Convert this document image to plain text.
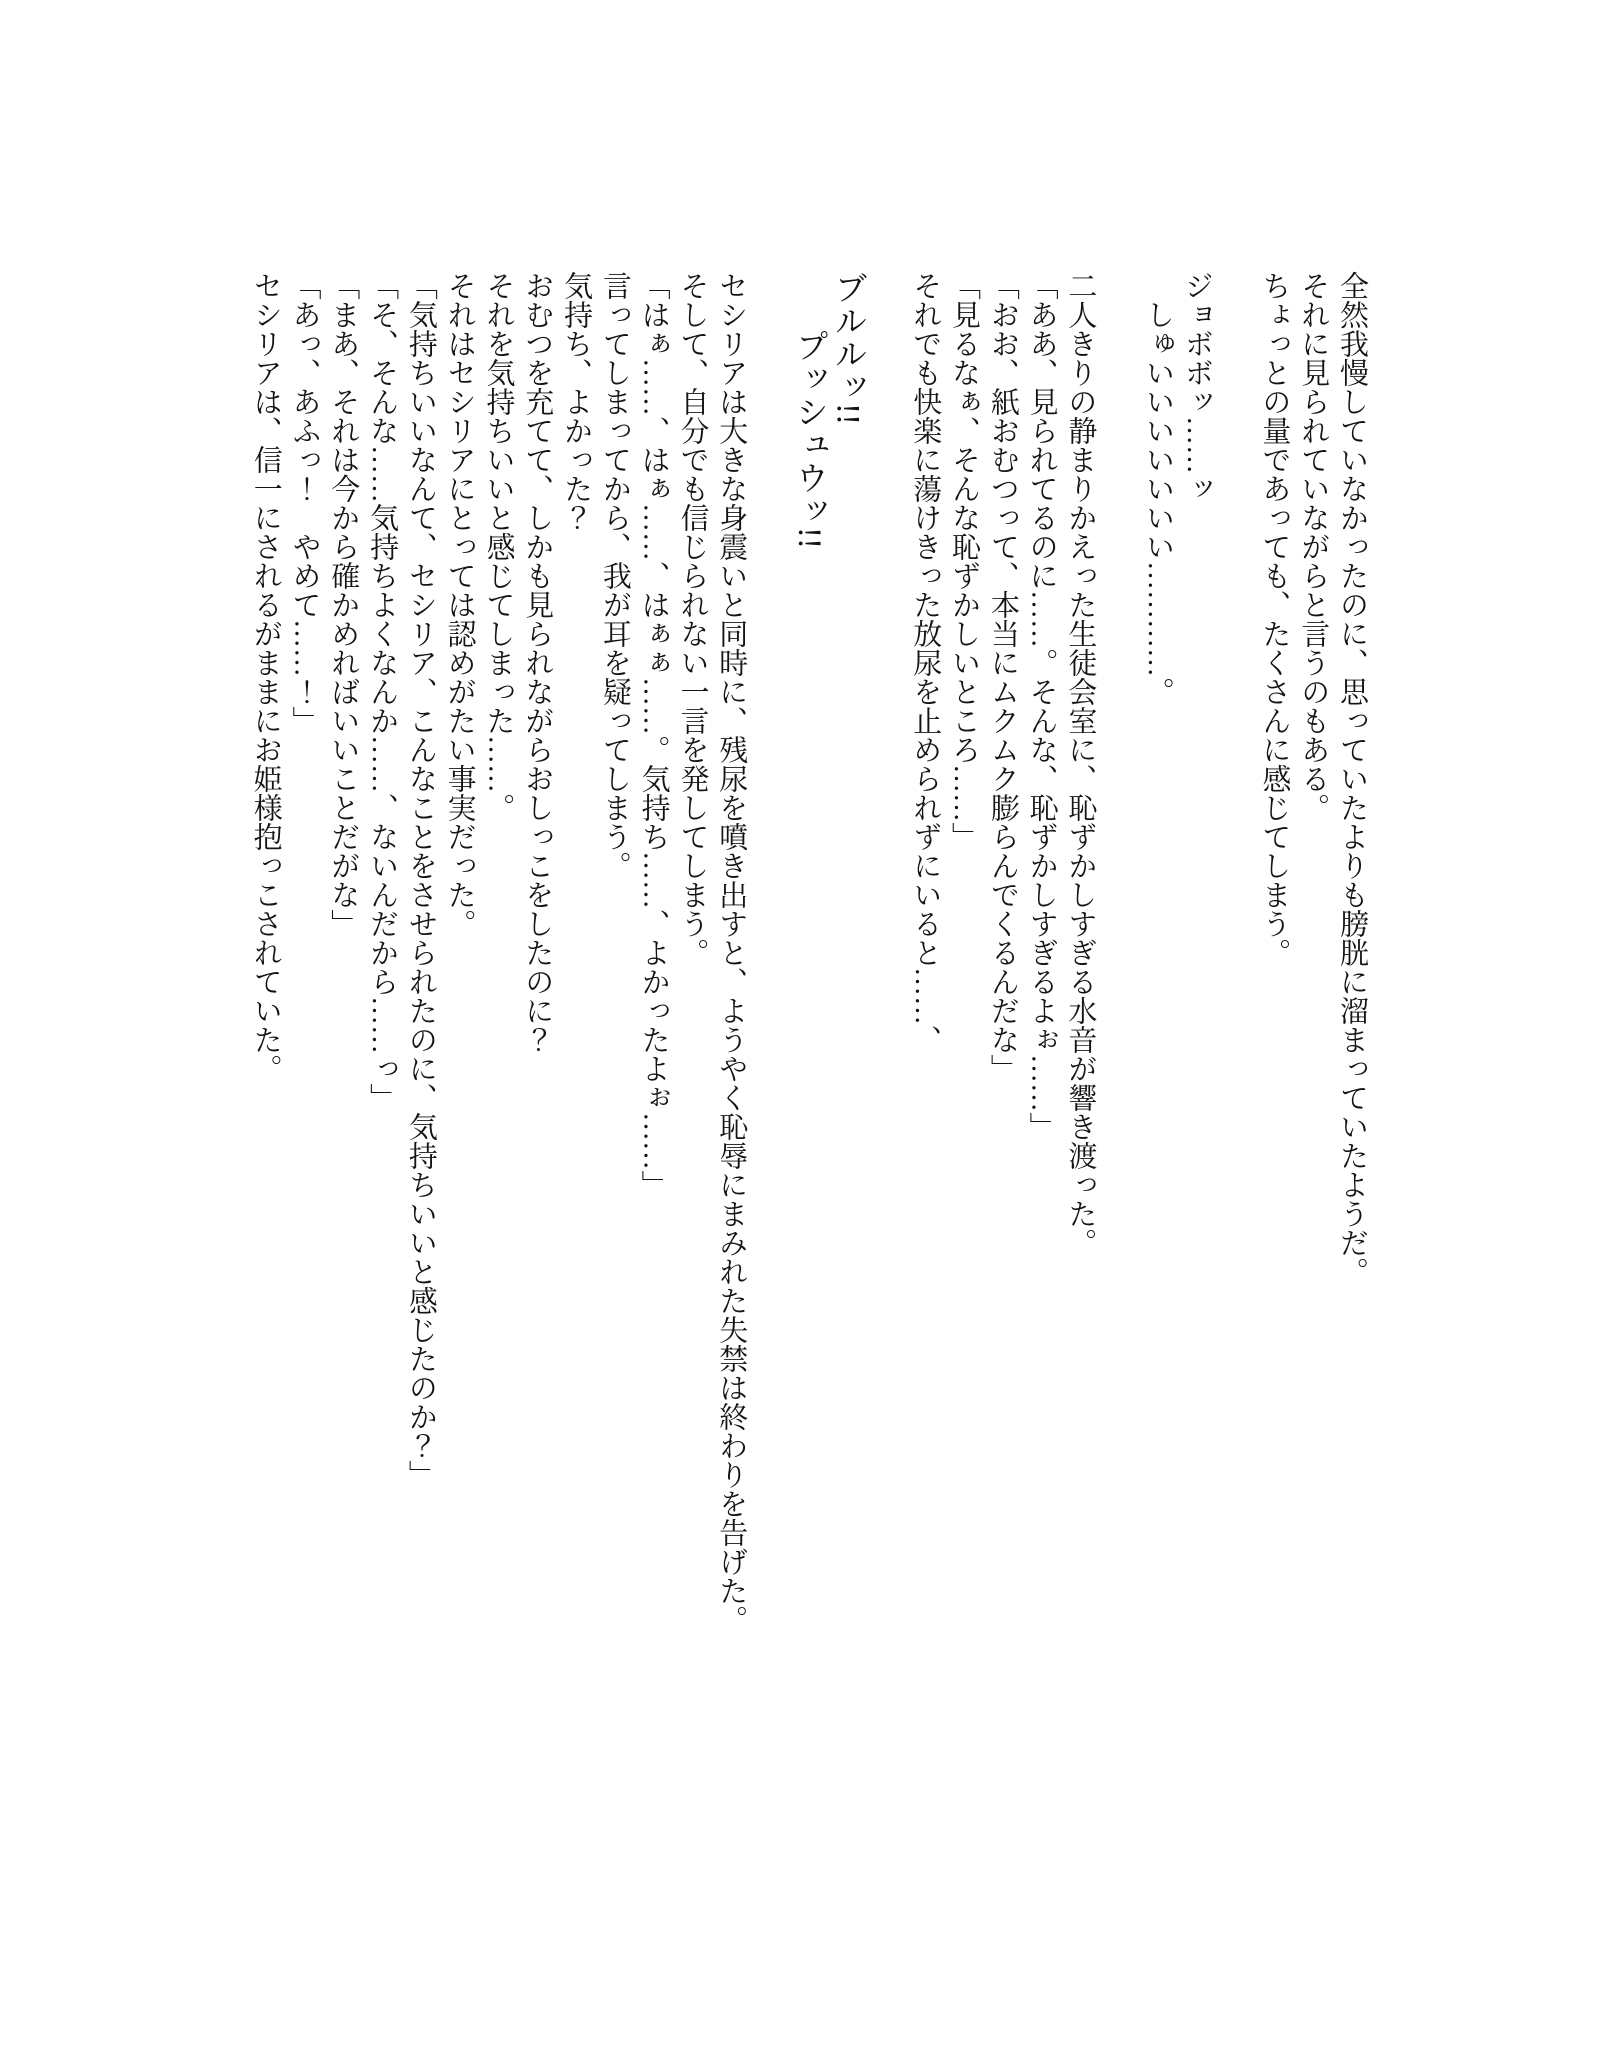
全然我慢していなかったのに、思っていたよりも膀胱に溜まっていたようだ。

それに見られていながらと言うのもある。

ちょっとの量であっても、たくさんに感じてしまう。

ジョボボッ……ッ

しゅいいいいいいい…………。

二人きりの静まりかえった生徒会室に、恥ずかしすぎる水音が響き渡った。

「ああ、見られてるのに……。そんな、恥ずかしすぎるよぉ……」

「おお、紙おむつって、本当にムクムク膨らんでくるんだな」

「見るなぁ、そんな恥ずかしいところ……」

それでも快楽に蕩けきった放尿を止められずにいると……、

ブルルッ!!

プッシュウッ!!

セシリアは大きな身震いと同時に、残尿を噴き出すと、ようやく恥辱にまみれた失禁は終わりを告げた。

そして、自分でも信じられない一言を発してしまう。

「はぁ……、はぁ……、はぁぁ……。気持ち……、よかったよぉ……」

言ってしまってから、我が耳を疑ってしまう。

気持ち、よかった？

おむつを充てて、しかも見られながらおしっこをしたのに？

それを気持ちいいと感じてしまった……。

それはセシリアにとっては認めがたい事実だった。

「気持ちいいなんて、セシリア、こんなことをさせられたのに、気持ちいいと感じたのか？」

「そ、そんな……気持ちよくなんか……、ないんだから……っ」

「まあ、それは今から確かめればいいことだがな」

「あっ、あふっ！　やめて……！」

セシリアは、信一にされるがままにお姫様抱っこされていた。
